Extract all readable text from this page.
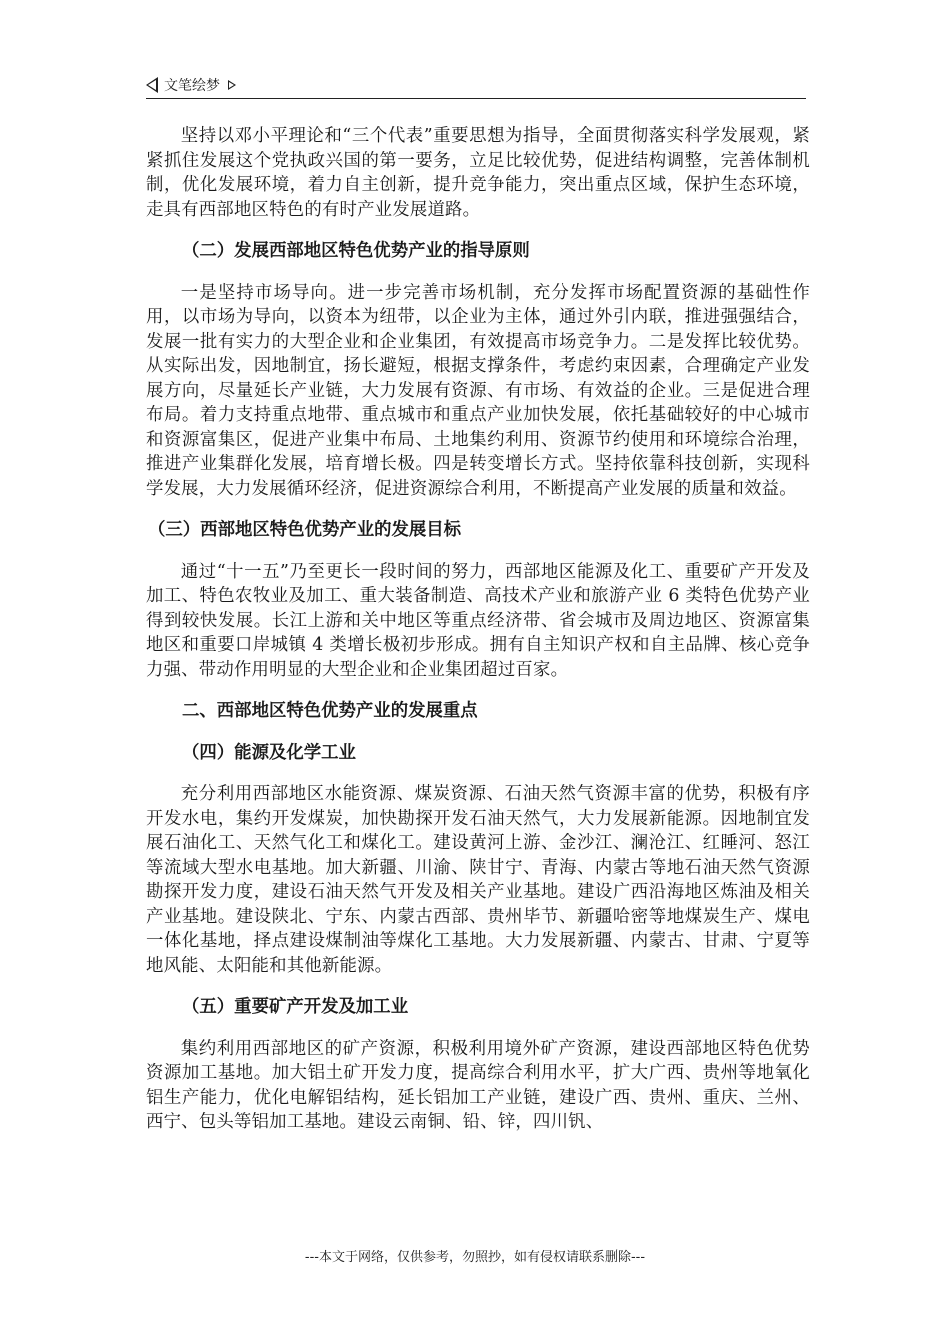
文笔绘梦

坚持以邓小平理论和“三个代表”重要思想为指导，全面贯彻落实科学发展观，紧紧抓住发展这个党执政兴国的第一要务，立足比较优势，促进结构调整，完善体制机制，优化发展环境，着力自主创新，提升竞争能力，突出重点区域，保护生态环境，走具有西部地区特色的有时产业发展道路。

（二）发展西部地区特色优势产业的指导原则

一是坚持市场导向。进一步完善市场机制，充分发挥市场配置资源的基础性作用，以市场为导向，以资本为纽带，以企业为主体，通过外引内联，推进强强结合，发展一批有实力的大型企业和企业集团，有效提高市场竞争力。二是发挥比较优势。从实际出发，因地制宜，扬长避短，根据支撑条件，考虑约束因素，合理确定产业发展方向，尽量延长产业链，大力发展有资源、有市场、有效益的企业。三是促进合理布局。着力支持重点地带、重点城市和重点产业加快发展，依托基础较好的中心城市和资源富集区，促进产业集中布局、土地集约利用、资源节约使用和环境综合治理，推进产业集群化发展，培育增长极。四是转变增长方式。坚持依靠科技创新，实现科学发展，大力发展循环经济，促进资源综合利用，不断提高产业发展的质量和效益。

（三）西部地区特色优势产业的发展目标

通过“十一五”乃至更长一段时间的努力，西部地区能源及化工、重要矿产开发及加工、特色农牧业及加工、重大装备制造、高技术产业和旅游产业 6 类特色优势产业得到较快发展。长江上游和关中地区等重点经济带、省会城市及周边地区、资源富集地区和重要口岸城镇 4 类增长极初步形成。拥有自主知识产权和自主品牌、核心竞争力强、带动作用明显的大型企业和企业集团超过百家。

二、西部地区特色优势产业的发展重点
（四）能源及化学工业

充分利用西部地区水能资源、煤炭资源、石油天然气资源丰富的优势，积极有序开发水电，集约开发煤炭，加快勘探开发石油天然气，大力发展新能源。因地制宜发展石油化工、天然气化工和煤化工。建设黄河上游、金沙江、澜沧江、红睡河、怒江等流域大型水电基地。加大新疆、川渝、陕甘宁、青海、内蒙古等地石油天然气资源勘探开发力度，建设石油天然气开发及相关产业基地。建设广西沿海地区炼油及相关产业基地。建设陕北、宁东、内蒙古西部、贵州毕节、新疆哈密等地煤炭生产、煤电一体化基地，择点建设煤制油等煤化工基地。大力发展新疆、内蒙古、甘肃、宁夏等地风能、太阳能和其他新能源。

（五）重要矿产开发及加工业

集约利用西部地区的矿产资源，积极利用境外矿产资源，建设西部地区特色优势资源加工基地。加大铝土矿开发力度，提高综合利用水平，扩大广西、贵州等地氧化铝生产能力，优化电解铝结构，延长铝加工产业链，建设广西、贵州、重庆、兰州、西宁、包头等铝加工基地。建设云南铜、铅、锌，四川钒、

---本文于网络，仅供参考，勿照抄，如有侵权请联系删除---
